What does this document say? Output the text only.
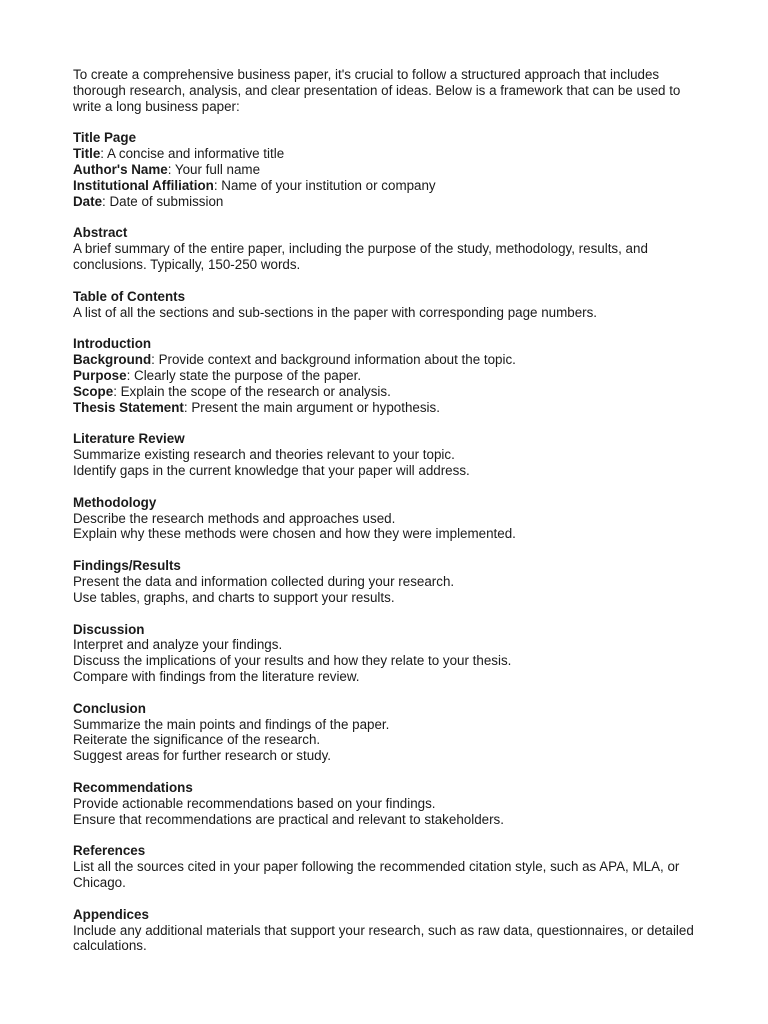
To create a comprehensive business paper, it's crucial to follow a structured approach that includes thorough research, analysis, and clear presentation of ideas. Below is a framework that can be used to write a long business paper:

Title Page
Title: A concise and informative title
Author's Name: Your full name
Institutional Affiliation: Name of your institution or company
Date: Date of submission
Abstract
A brief summary of the entire paper, including the purpose of the study, methodology, results, and conclusions. Typically, 150-250 words.
Table of Contents
A list of all the sections and sub-sections in the paper with corresponding page numbers.
Introduction
Background: Provide context and background information about the topic.
Purpose: Clearly state the purpose of the paper.
Scope: Explain the scope of the research or analysis.
Thesis Statement: Present the main argument or hypothesis.
Literature Review
Summarize existing research and theories relevant to your topic.
Identify gaps in the current knowledge that your paper will address.
Methodology
Describe the research methods and approaches used.
Explain why these methods were chosen and how they were implemented.
Findings/Results
Present the data and information collected during your research.
Use tables, graphs, and charts to support your results.
Discussion
Interpret and analyze your findings.
Discuss the implications of your results and how they relate to your thesis.
Compare with findings from the literature review.
Conclusion
Summarize the main points and findings of the paper.
Reiterate the significance of the research.
Suggest areas for further research or study.
Recommendations
Provide actionable recommendations based on your findings.
Ensure that recommendations are practical and relevant to stakeholders.
References
List all the sources cited in your paper following the recommended citation style, such as APA, MLA, or Chicago.
Appendices
Include any additional materials that support your research, such as raw data, questionnaires, or detailed calculations.
